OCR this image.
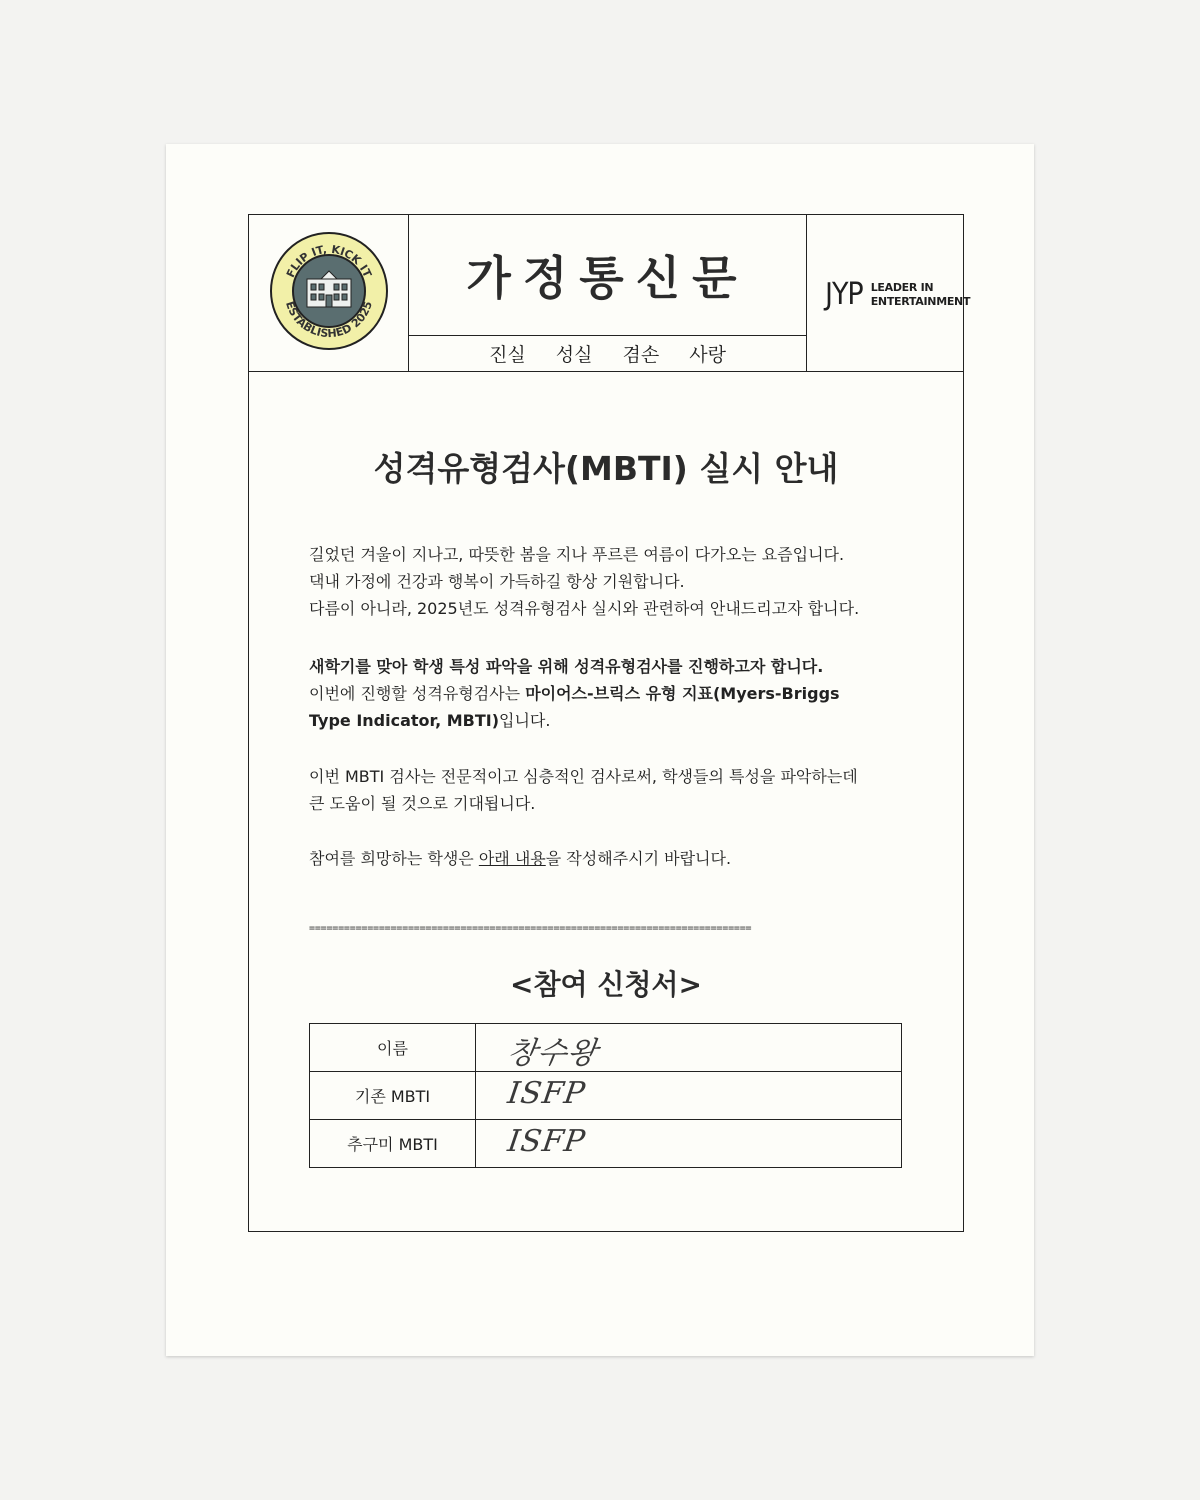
FLIP IT, KICK IT
ESTABLISHED 2025
가정통신문
진실 성실 겸손 사랑
JYP LEADER IN
ENTERTAINMENT
성격유형검사(MBTI) 실시 안내

길었던 겨울이 지나고, 따뜻한 봄을 지나 푸르른 여름이 다가오는 요즘입니다.

댁내 가정에 건강과 행복이 가득하길 항상 기원합니다.

다름이 아니라, 2025년도 성격유형검사 실시와 관련하여 안내드리고자 합니다.

새학기를 맞아 학생 특성 파악을 위해 성격유형검사를 진행하고자 합니다.

이번에 진행할 성격유형검사는 마이어스-브릭스 유형 지표(Myers-Briggs

Type Indicator, MBTI)입니다.

이번 MBTI 검사는 전문적이고 심층적인 검사로써, 학생들의 특성을 파악하는데

큰 도움이 될 것으로 기대됩니다.

참여를 희망하는 학생은 아래 내용을 작성해주시기 바랍니다.

============================================================================
<참여 신청서>
이름	창수왕

기존 MBTI	ISFP

추구미 MBTI	ISFP
